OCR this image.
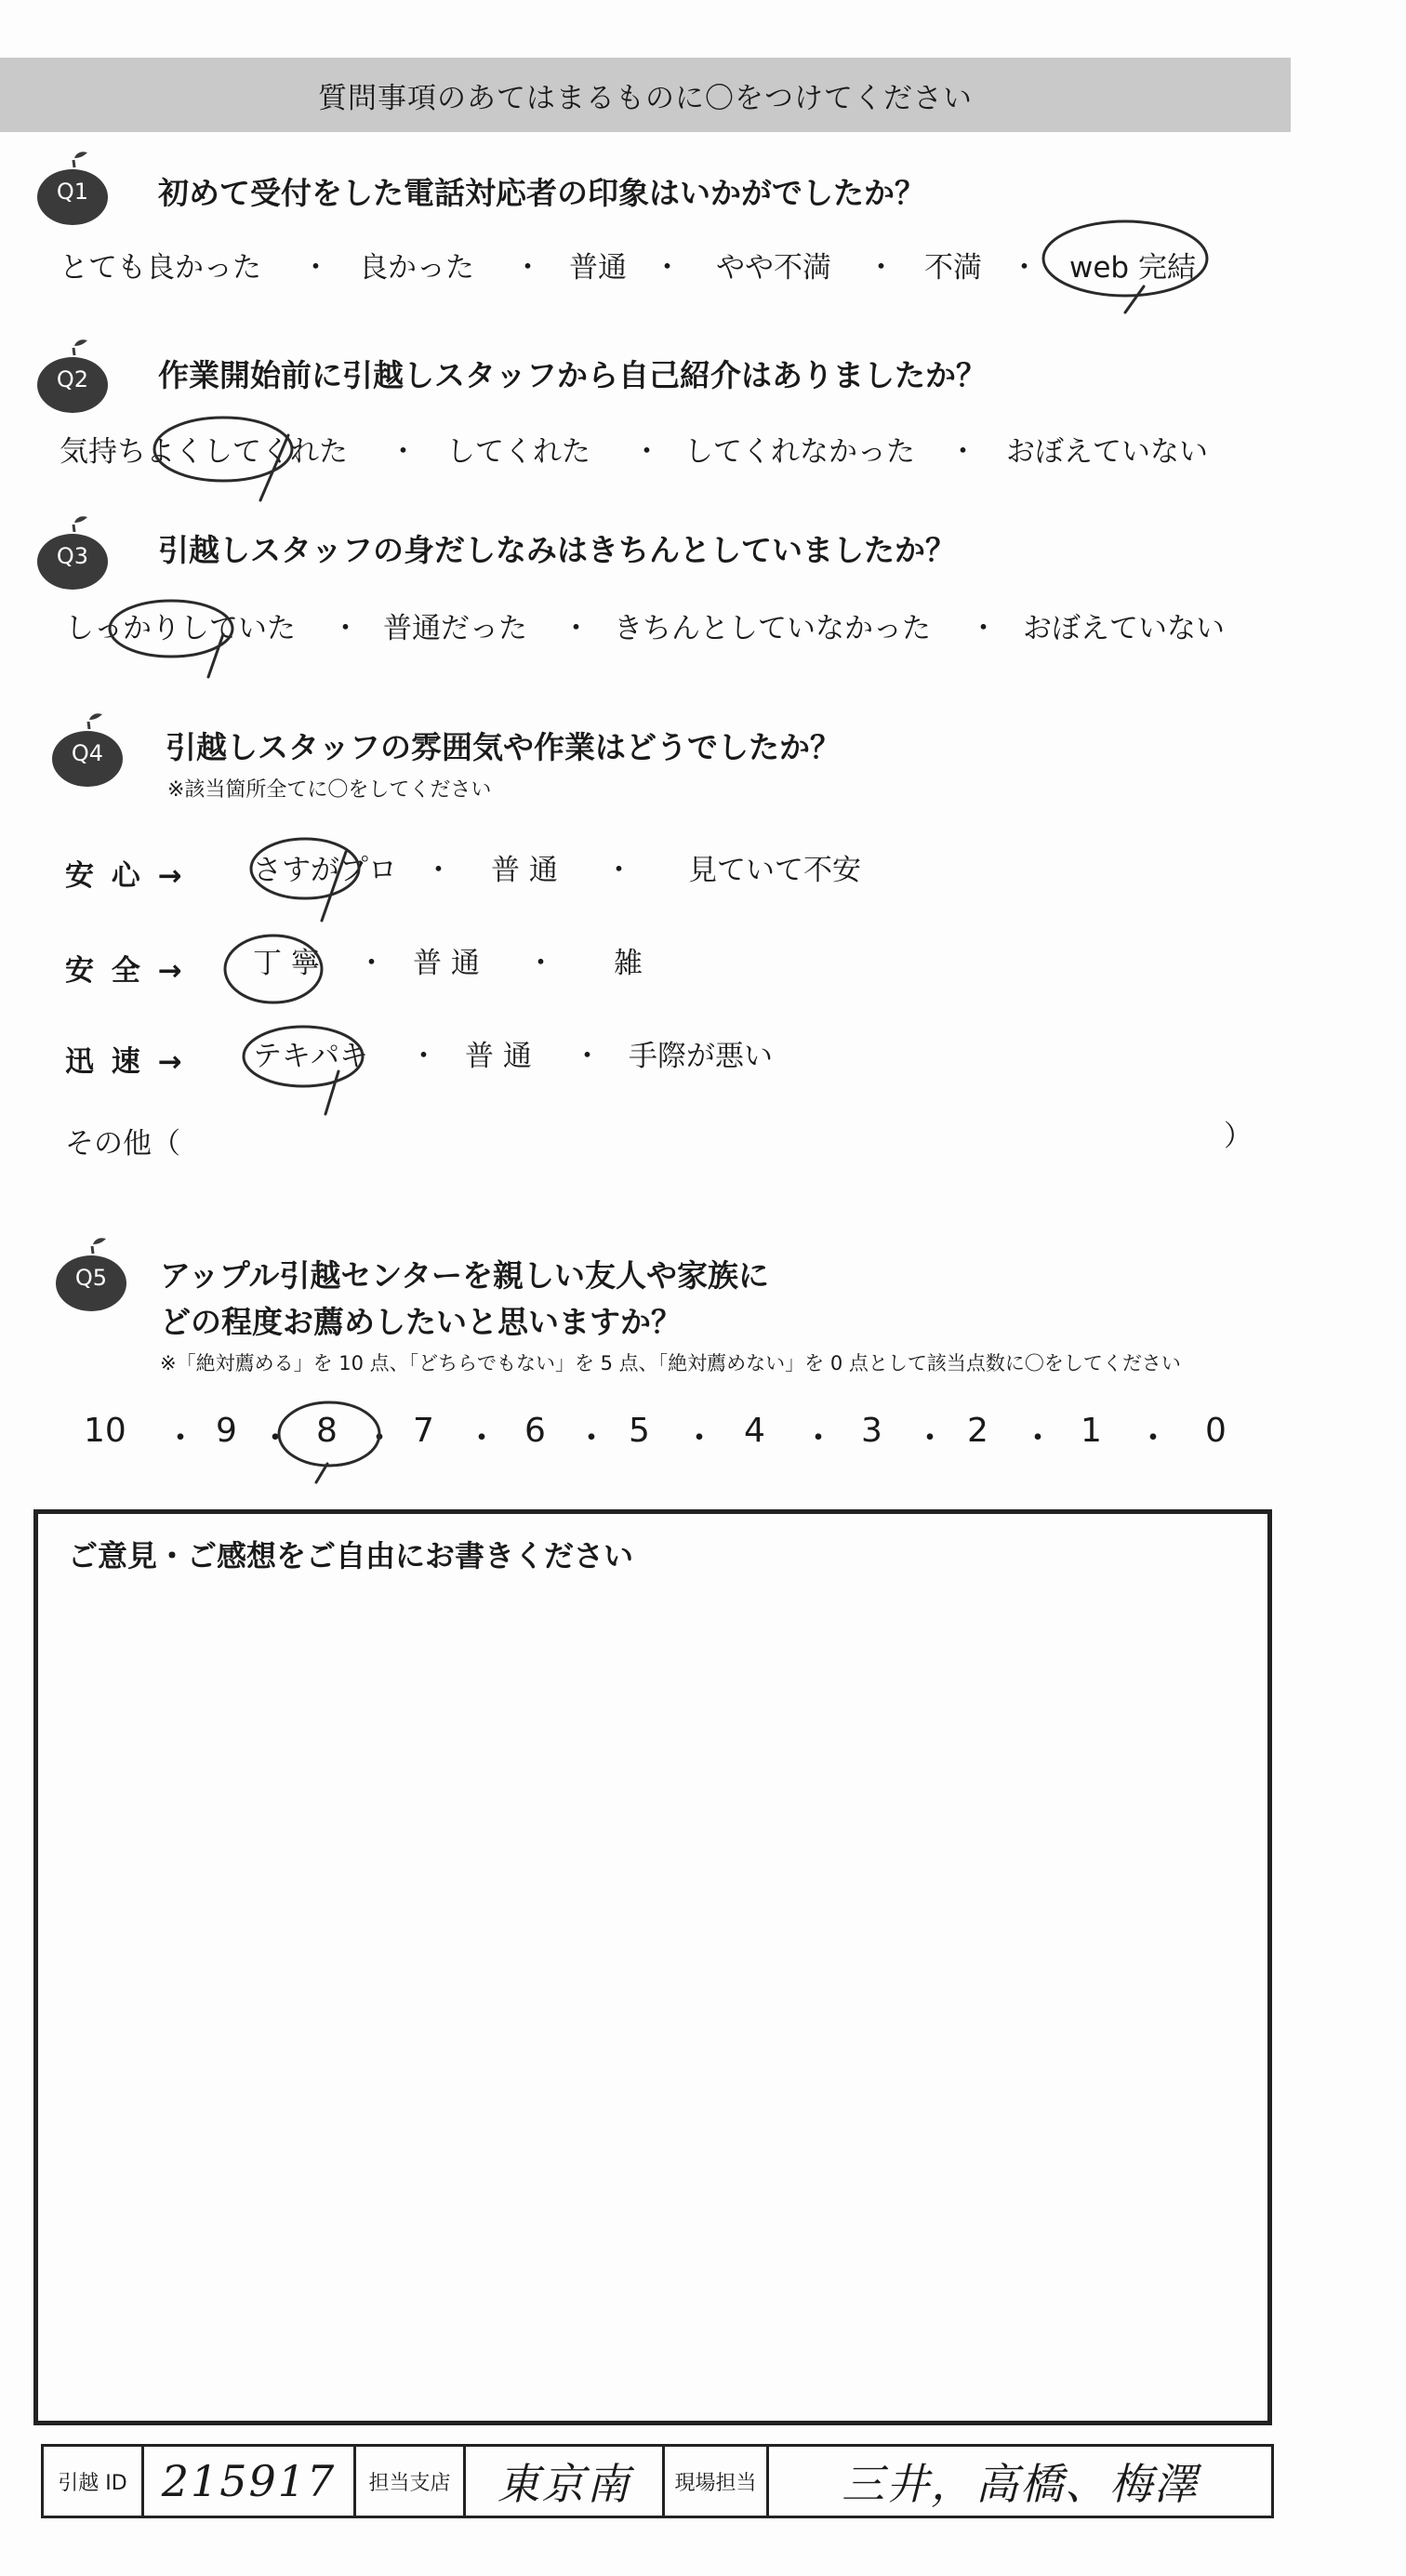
質問事項のあてはまるものに〇をつけてください
Q1	初めて受付をした電話対応者の印象はいかがでしたか？
とても良かった ・ 良かった ・ 普通 ・ やや不満 ・ 不満 ・ web 完結
Q2	作業開始前に引越しスタッフから自己紹介はありましたか？
気持ちよくしてくれた ・ してくれた ・ してくれなかった ・ おぼえていない
Q3	引越しスタッフの身だしなみはきちんとしていましたか？
しっかりしていた ・ 普通だった ・ きちんとしていなかった ・ おぼえていない
Q4	引越しスタッフの雰囲気や作業はどうでしたか？
※該当箇所全てに〇をしてください
安 心 → さすがプロ ・ 普 通 ・ 見ていて不安
安 全 → 丁 寧 ・ 普 通 ・ 雑
迅 速 → テキパキ ・ 普 通 ・ 手際が悪い
その他（	）
Q5	アップル引越センターを親しい友人や家族に
どの程度お薦めしたいと思いますか？
※「絶対薦める」を 10 点、「どちらでもない」を 5 点、「絶対薦めない」を 0 点として該当点数に〇をしてください
10 ・ 9 ・ 8 ・ 7 ・ 6 ・ 5 ・ 4 ・ 3 ・ 2 ・ 1 ・ 0
ご意見・ご感想をご自由にお書きください
引越 ID 215917 担当支店 東京南 現場担当 三井，高橋、梅澤
